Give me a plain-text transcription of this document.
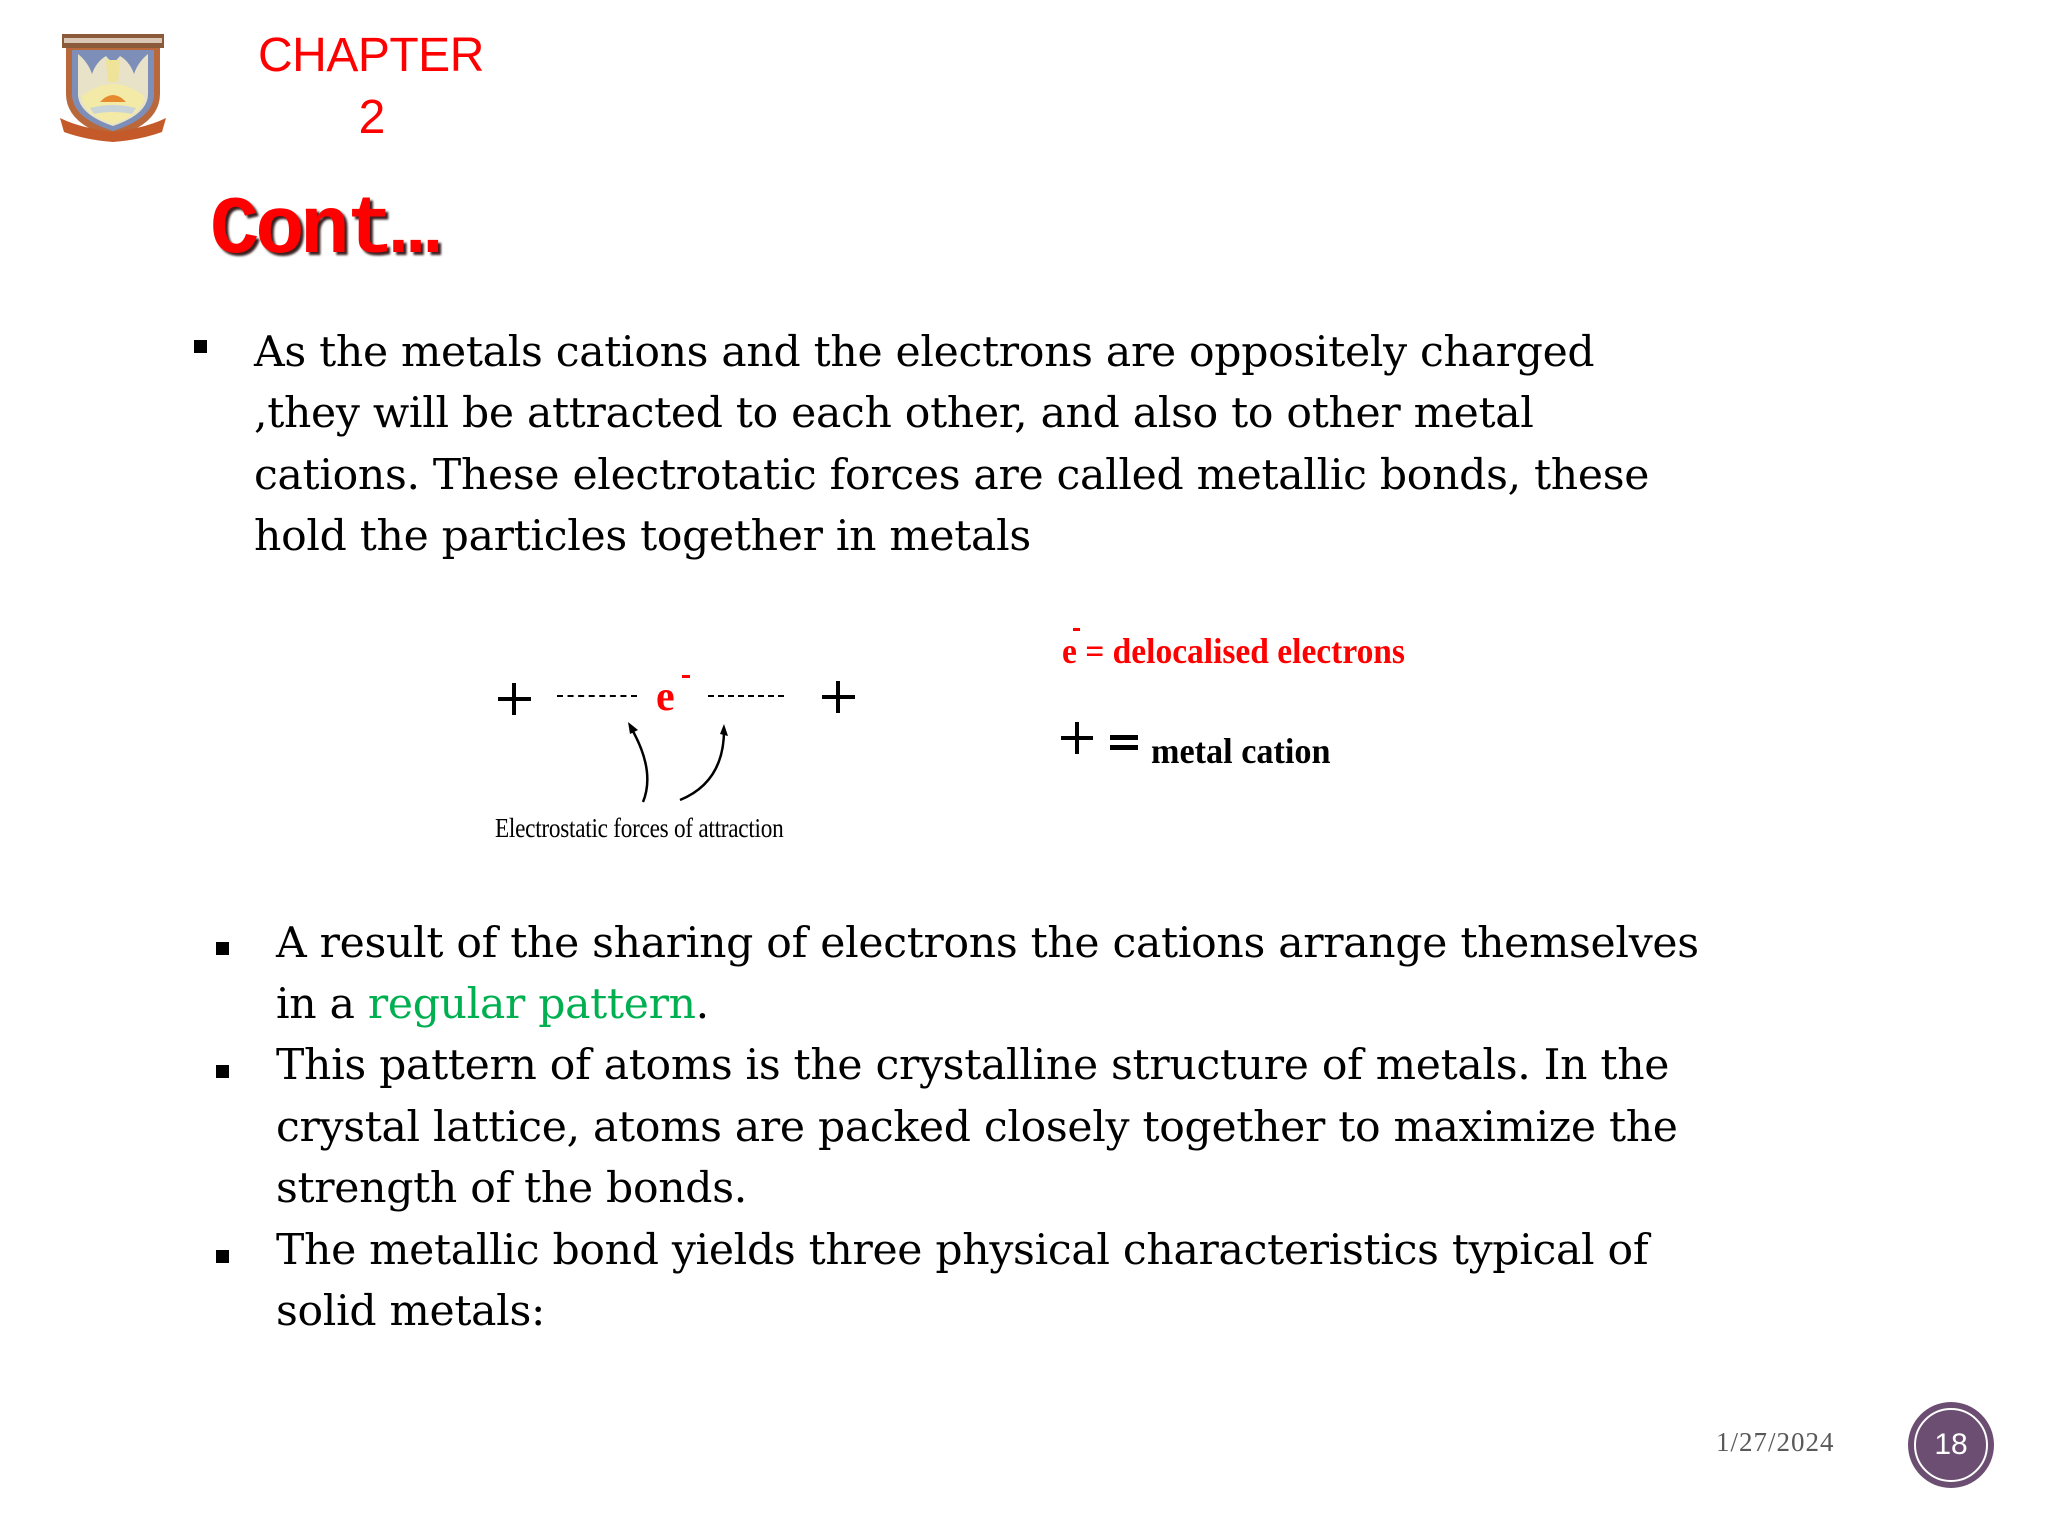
CHAPTER
2
Cont…
As the metals cations and the electrons are oppositely charged
,they will be attracted to each other, and also to other metal
cations. These electrotatic forces are called metallic bonds, these
hold the particles together in metals
e
Electrostatic forces of attraction
e = delocalised electrons
metal cation
A result of the sharing of electrons the cations arrange themselves
in a regular pattern.
This pattern of atoms is the crystalline structure of metals. In the
crystal lattice, atoms are packed closely together to maximize the
strength of the bonds.
The metallic bond yields three physical characteristics typical of
solid metals:
1/27/2024	18
